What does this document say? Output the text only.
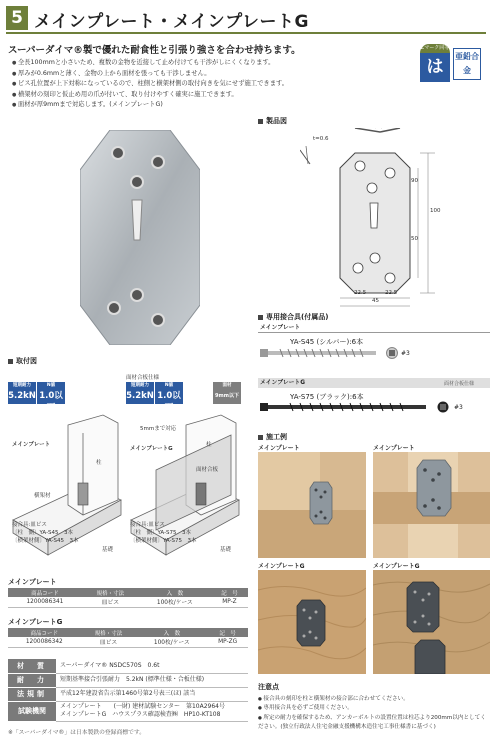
5 メインプレート・メインプレートG
スーパーダイマ®製で優れた耐食性と引張り強さを合わせ持ちます。
● 全長100mmと小さいため、複数の金物を近接して止め付けても干渉がしにくくなります。
● 厚みが0.6mmと薄く、金物の上から面材を張っても干渉しません。
● ビス孔位置が上下対称になっているので、柱側と横架材側の取付向きを気にせず施工できます。
● 横架材の刻印と仮止め用の爪が付いて、取り付けやすく確実に施工できます。
● 面材が厚9mmまで対応します。(メインプレートG)
Zマーク同等
は
亜鉛合金
製品図
t=0.6
90
100
50
22.5	22.5
45
専用接合具(付属品)
メインプレート
YA-S45 (シルバー):6本
#3
メインプレートG	面材合板仕様
YA-S75 (ブラック):6本
#3
取付図
短期耐力
5.2kN
N値
1.0以下
面材合板仕様
短期耐力
5.2kN
N値
1.0以下
面材
9mm以下
メインプレート
柱
横架材
接合具:皿ビス
〔柱　側〕YA-S45　3本
〔横架材側〕YA-S45　3本
基礎
5mmまで対応
メインプレートG
柱
面材合板
接合具:皿ビス
〔柱　側〕YA-S75　3本
〔横架材側〕YA-S75　3本
基礎
メインプレート
商品コード	規格・寸法	入　数	記　号
1200086341	皿ビス	100枚/ケース	MP-Z
メインプレートG
商品コード	規格・寸法	入　数	記　号
1200086342	皿ビス	100枚/ケース	MP-ZG
材　質	スーパーダイマ® NSDC570S　0.6t
耐　力	短期基準接合引張耐力　5.2kN (標準仕様・合板仕様)
法規制	平成12年建設省告示第1460号第2号表三(ほ) 該当
試験機関	メインプレート　　(一財) 建材試験センター　第10A2964号
メインプレートG　ハウスプラス確認検査㈱　HP10-KT108
※「スーパーダイマ®」は日本製鉄の登録商標です。
施工例
メインプレート	メインプレート
メインプレートG	メインプレートG
注意点
● 接合具の刻印を柱と横架材の接合部に合わせてください。
● 専用接合具を必ずご使用ください。
● 所定の耐力を確保するため、アンカーボルトの設置位置は柱芯より200mm以内としてください。(独立行政法人住宅金融支援機構木造住宅工事仕様書に基づく)
